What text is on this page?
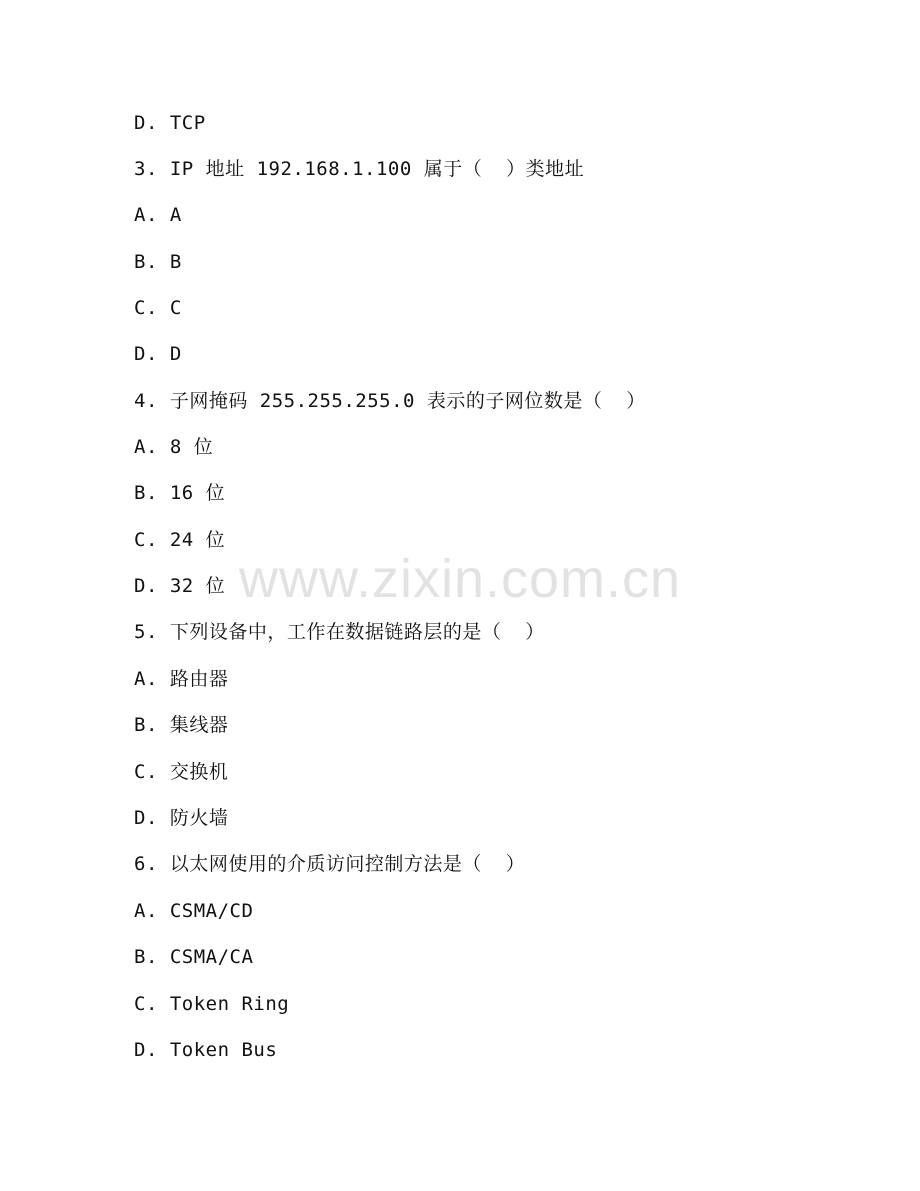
D. TCP
3. IP 地址 192.168.1.100 属于（  ）类地址
A. A
B. B
C. C
D. D
4. 子网掩码 255.255.255.0 表示的子网位数是（  ）
A. 8 位
B. 16 位
C. 24 位
D. 32 位
5. 下列设备中，工作在数据链路层的是（  ）
A. 路由器
B. 集线器
C. 交换机
D. 防火墙
6. 以太网使用的介质访问控制方法是（  ）
A. CSMA/CD
B. CSMA/CA
C. Token Ring
D. Token Bus
www.zixin.com.cn
